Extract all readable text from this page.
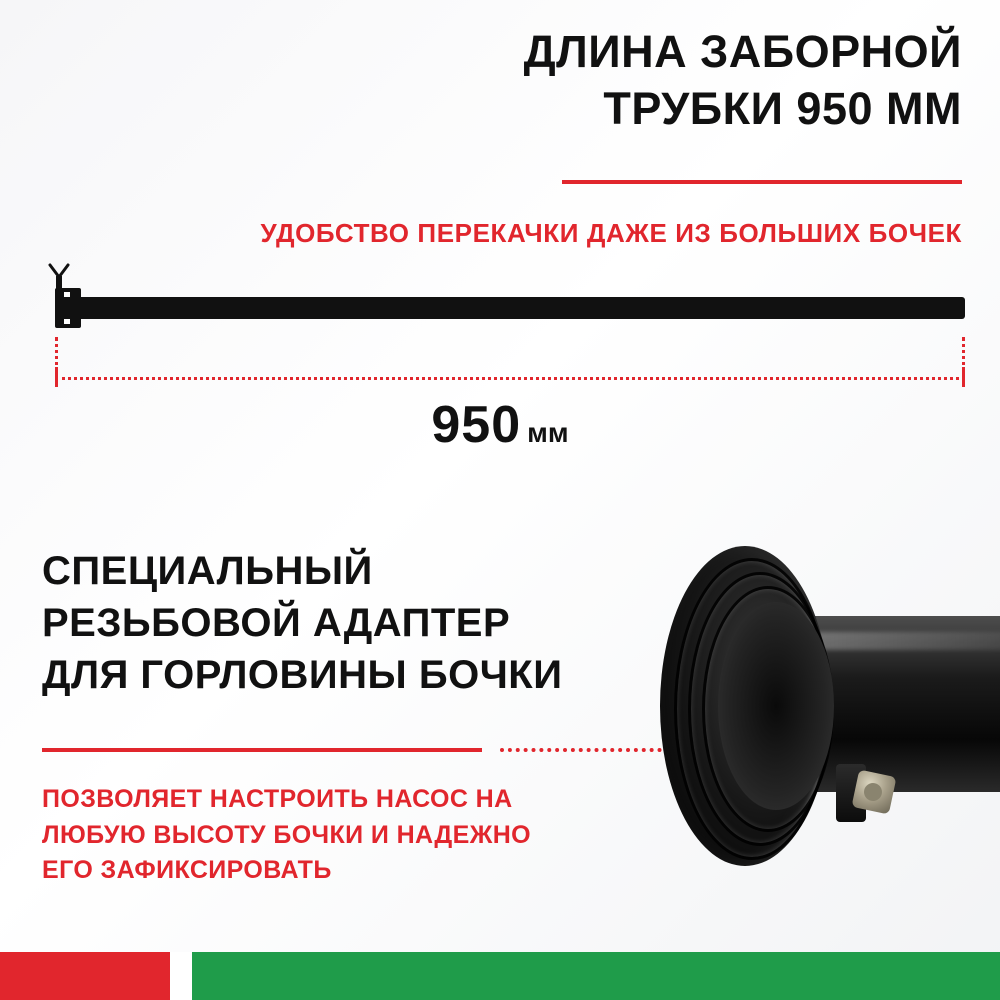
ДЛИНА ЗАБОРНОЙ
ТРУБКИ 950 ММ
УДОБСТВО ПЕРЕКАЧКИ ДАЖЕ ИЗ БОЛЬШИХ БОЧЕК
950 мм
СПЕЦИАЛЬНЫЙ
РЕЗЬБОВОЙ АДАПТЕР
ДЛЯ ГОРЛОВИНЫ БОЧКИ
ПОЗВОЛЯЕТ НАСТРОИТЬ НАСОС НА
ЛЮБУЮ ВЫСОТУ БОЧКИ И НАДЕЖНО
ЕГО ЗАФИКСИРОВАТЬ
